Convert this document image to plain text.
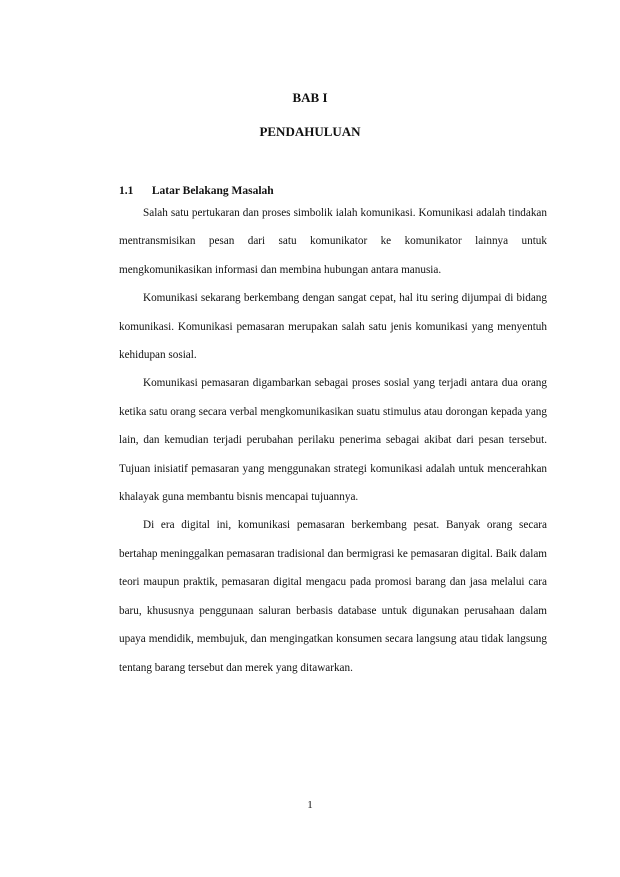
BAB I
PENDAHULUAN
1.1 Latar Belakang Masalah

Salah satu pertukaran dan proses simbolik ialah komunikasi. Komunikasi adalah tindakan mentransmisikan pesan dari satu komunikator ke komunikator lainnya untuk mengkomunikasikan informasi dan membina hubungan antara manusia.

Komunikasi sekarang berkembang dengan sangat cepat, hal itu sering dijumpai di bidang komunikasi. Komunikasi pemasaran merupakan salah satu jenis komunikasi yang menyentuh kehidupan sosial.

Komunikasi pemasaran digambarkan sebagai proses sosial yang terjadi antara dua orang ketika satu orang secara verbal mengkomunikasikan suatu stimulus atau dorongan kepada yang lain, dan kemudian terjadi perubahan perilaku penerima sebagai akibat dari pesan tersebut. Tujuan inisiatif pemasaran yang menggunakan strategi komunikasi adalah untuk mencerahkan khalayak guna membantu bisnis mencapai tujuannya.

Di era digital ini, komunikasi pemasaran berkembang pesat. Banyak orang secara bertahap meninggalkan pemasaran tradisional dan bermigrasi ke pemasaran digital. Baik dalam teori maupun praktik, pemasaran digital mengacu pada promosi barang dan jasa melalui cara baru, khususnya penggunaan saluran berbasis database untuk digunakan perusahaan dalam upaya mendidik, membujuk, dan mengingatkan konsumen secara langsung atau tidak langsung tentang barang tersebut dan merek yang ditawarkan.

1
